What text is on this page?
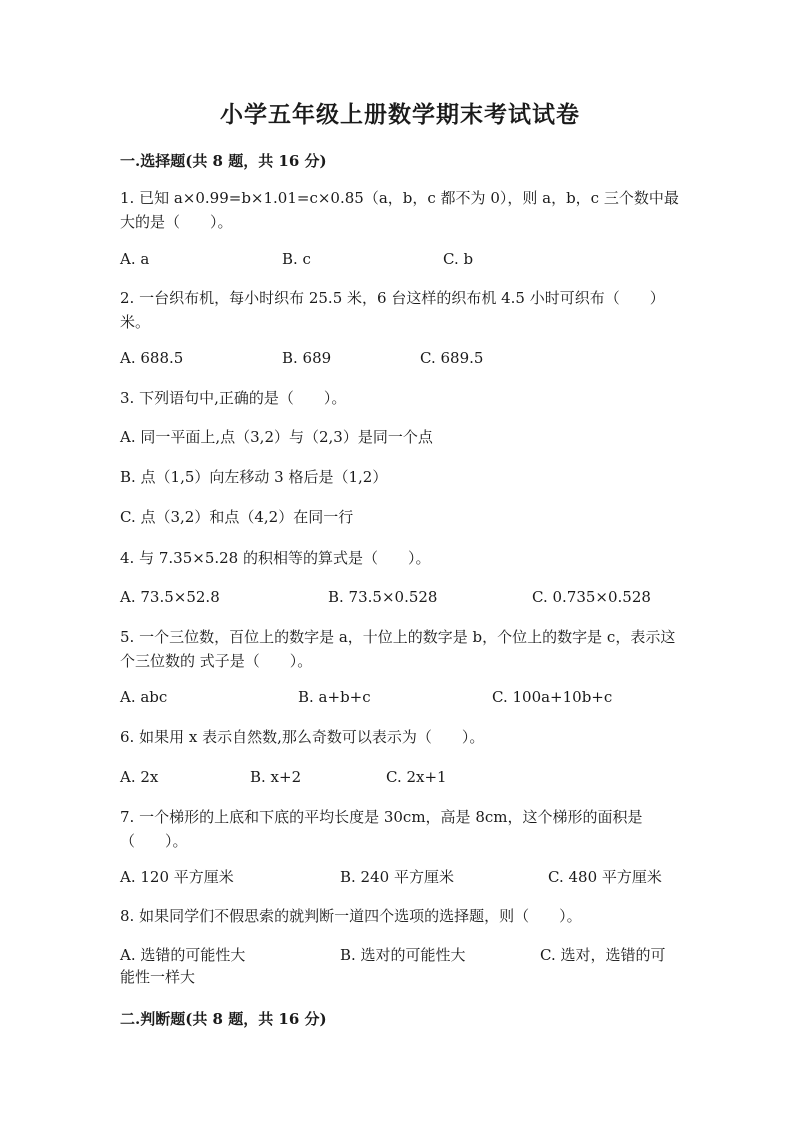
小学五年级上册数学期末考试试卷
一.选择题(共 8 题，共 16 分)
1. 已知 a×0.99=b×1.01=c×0.85（a，b，c 都不为 0），则 a，b，c 三个数中最大的是（　　）。
A. a	B. c	C. b
2. 一台织布机，每小时织布 25.5 米，6 台这样的织布机 4.5 小时可织布（　　）米。
A. 688.5	B. 689	C. 689.5
3. 下列语句中,正确的是（　　）。
A. 同一平面上,点（3,2）与（2,3）是同一个点
B. 点（1,5）向左移动 3 格后是（1,2）
C. 点（3,2）和点（4,2）在同一行
4. 与 7.35×5.28 的积相等的算式是（　　）。
A. 73.5×52.8	B. 73.5×0.528	C. 0.735×0.528
5. 一个三位数，百位上的数字是 a，十位上的数字是 b，个位上的数字是 c，表示这个三位数的 式子是（　　）。
A. abc	B. a+b+c	C. 100a+10b+c
6. 如果用 x 表示自然数,那么奇数可以表示为（　　）。
A. 2x	B. x+2	C. 2x+1
7. 一个梯形的上底和下底的平均长度是 30cm，高是 8cm，这个梯形的面积是（　　）。
A. 120 平方厘米	B. 240 平方厘米	C. 480 平方厘米
8. 如果同学们不假思索的就判断一道四个选项的选择题，则（　　）。
A. 选错的可能性大	B. 选对的可能性大	C. 选对，选错的可能性一样大
二.判断题(共 8 题，共 16 分)
